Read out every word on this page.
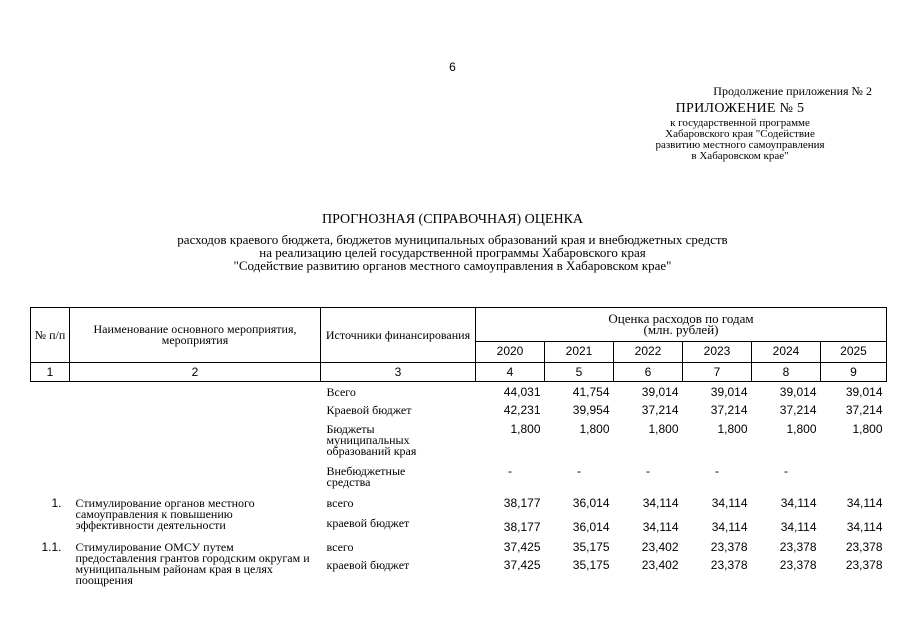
6
Продолжение приложения № 2
ПРИЛОЖЕНИЕ № 5
к государственной программе
Хабаровского края "Содействие
развитию местного самоуправления
в Хабаровском крае"
ПРОГНОЗНАЯ (СПРАВОЧНАЯ) ОЦЕНКА
расходов краевого бюджета, бюджетов муниципальных образований края и внебюджетных средств
на реализацию целей государственной программы Хабаровского края
"Содействие развитию органов местного самоуправления в Хабаровском крае"
№ п/п	Наименование основного мероприятия, мероприятия	Источники финансирования	Оценка расходов по годам
(млн. рублей)					

			2020	2021	2022	2023	2024	2025
1	2	3	4	5	6	7	8	9
		Всего	44,031	41,754	39,014	39,014	39,014	39,014
		Краевой бюджет	42,231	39,954	37,214	37,214	37,214	37,214
		Бюджеты муниципальных образований края	1,800	1,800	1,800	1,800	1,800	1,800
		Внебюджетные средства	-	-	-	-	-	
1.	Стимулирование органов местного самоуправления к повышению эффективности деятельности	всего	38,177	36,014	34,114	34,114	34,114	34,114
		краевой бюджет	38,177	36,014	34,114	34,114	34,114	34,114
1.1.	Стимулирование ОМСУ путем предоставления грантов городским округам и муниципальным районам края в целях поощрения	всего	37,425	35,175	23,402	23,378	23,378	23,378
		краевой бюджет	37,425	35,175	23,402	23,378	23,378	23,378
